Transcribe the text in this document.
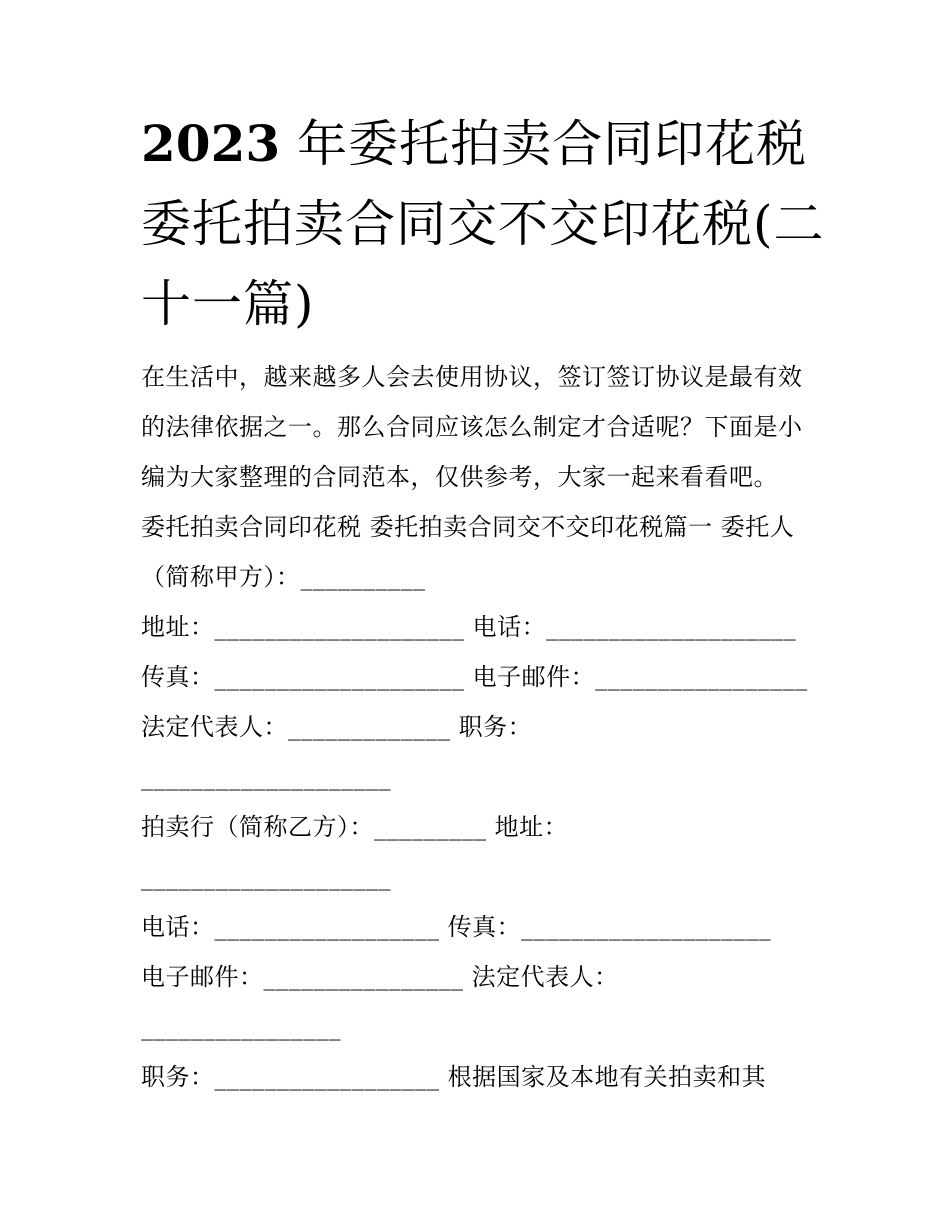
2023 年委托拍卖合同印花税
委托拍卖合同交不交印花税(二
十一篇)
在生活中，越来越多人会去使用协议，签订签订协议是最有效
的法律依据之一。那么合同应该怎么制定才合适呢？下面是小
编为大家整理的合同范本，仅供参考，大家一起来看看吧。
委托拍卖合同印花税 委托拍卖合同交不交印花税篇一 委托人
（简称甲方）：__________
地址：____________________ 电话：____________________
传真：____________________ 电子邮件：_________________
法定代表人：_____________ 职务：
____________________
拍卖行（简称乙方）：_________ 地址：
____________________
电话：__________________ 传真：____________________
电子邮件：________________ 法定代表人：
________________
职务：__________________ 根据国家及本地有关拍卖和其
